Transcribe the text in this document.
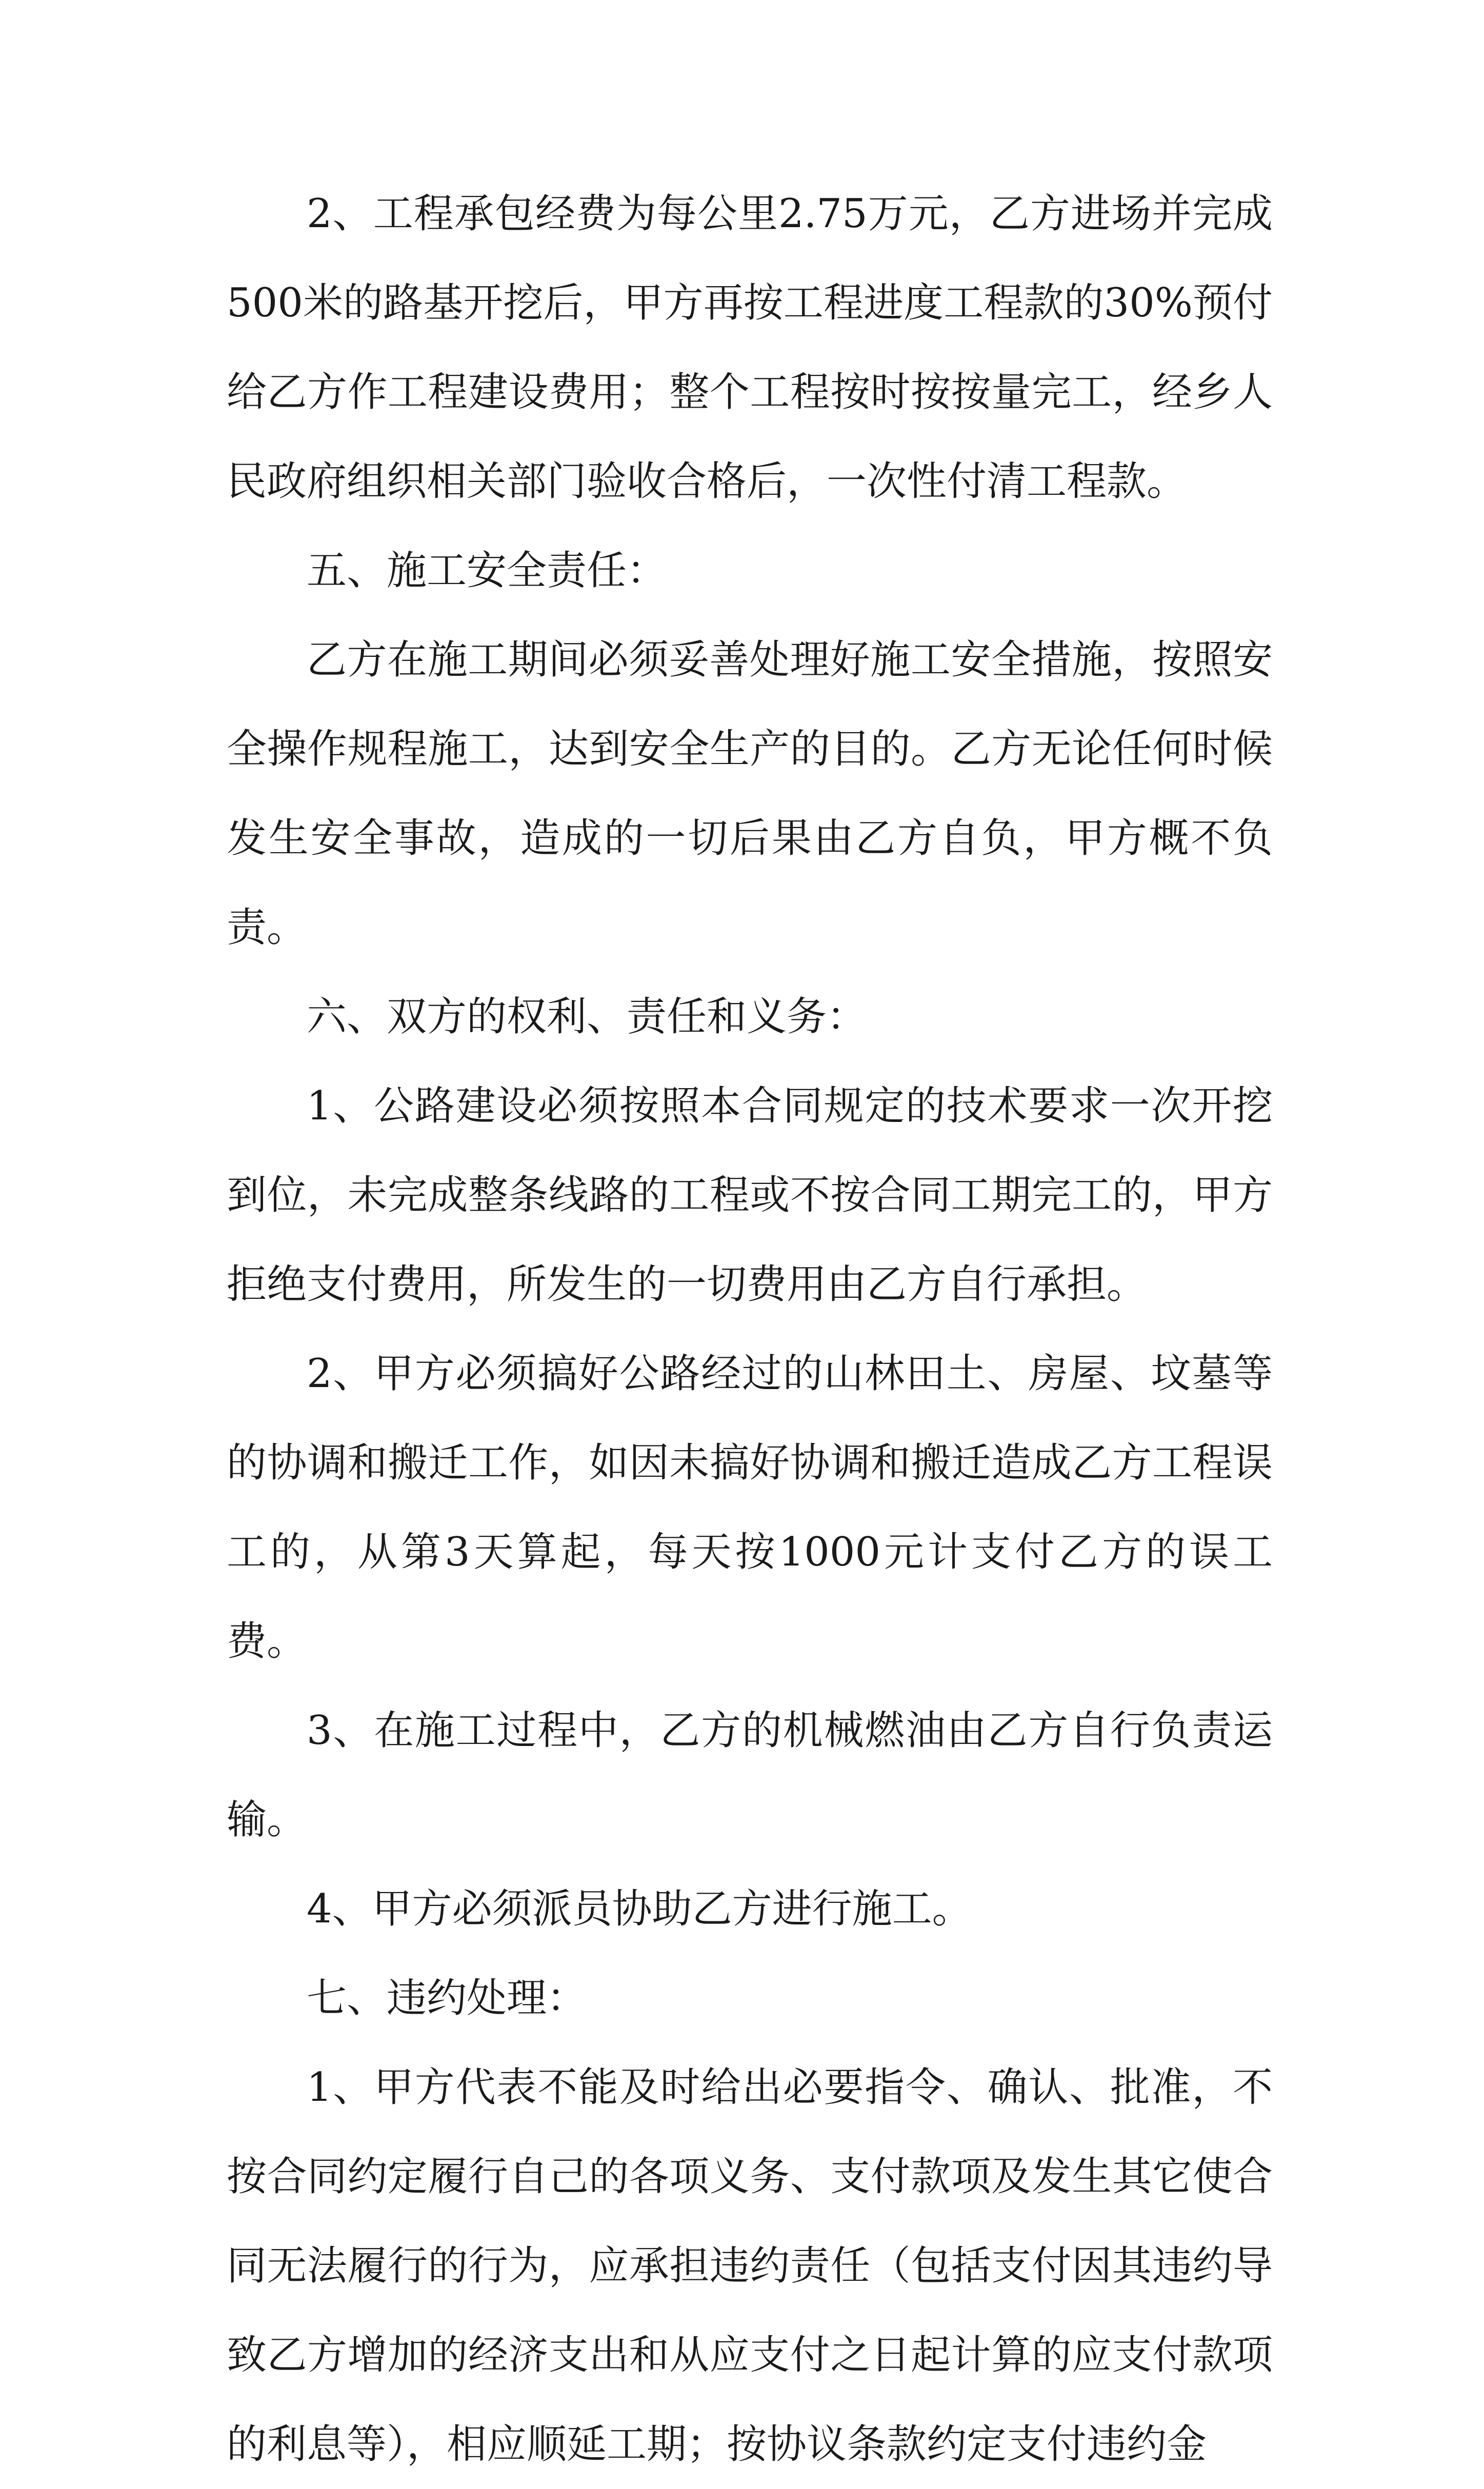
2、工程承包经费为每公里2.75万元，乙方进场并完成500米的路基开挖后，甲方再按工程进度工程款的30%预付给乙方作工程建设费用；整个工程按时按按量完工，经乡人民政府组织相关部门验收合格后，一次性付清工程款。

五、施工安全责任：

乙方在施工期间必须妥善处理好施工安全措施，按照安全操作规程施工，达到安全生产的目的。乙方无论任何时候发生安全事故，造成的一切后果由乙方自负，甲方概不负责。

六、双方的权利、责任和义务：

1、公路建设必须按照本合同规定的技术要求一次开挖到位，未完成整条线路的工程或不按合同工期完工的，甲方拒绝支付费用，所发生的一切费用由乙方自行承担。

2、甲方必须搞好公路经过的山林田土、房屋、坟墓等的协调和搬迁工作，如因未搞好协调和搬迁造成乙方工程误工的，从第3天算起，每天按1000元计支付乙方的误工费。

3、在施工过程中，乙方的机械燃油由乙方自行负责运输。

4、甲方必须派员协助乙方进行施工。

七、违约处理：

1、甲方代表不能及时给出必要指令、确认、批准，不按合同约定履行自己的各项义务、支付款项及发生其它使合同无法履行的行为，应承担违约责任（包括支付因其违约导致乙方增加的经济支出和从应支付之日起计算的应支付款项的利息等），相应顺延工期；按协议条款约定支付违约金
